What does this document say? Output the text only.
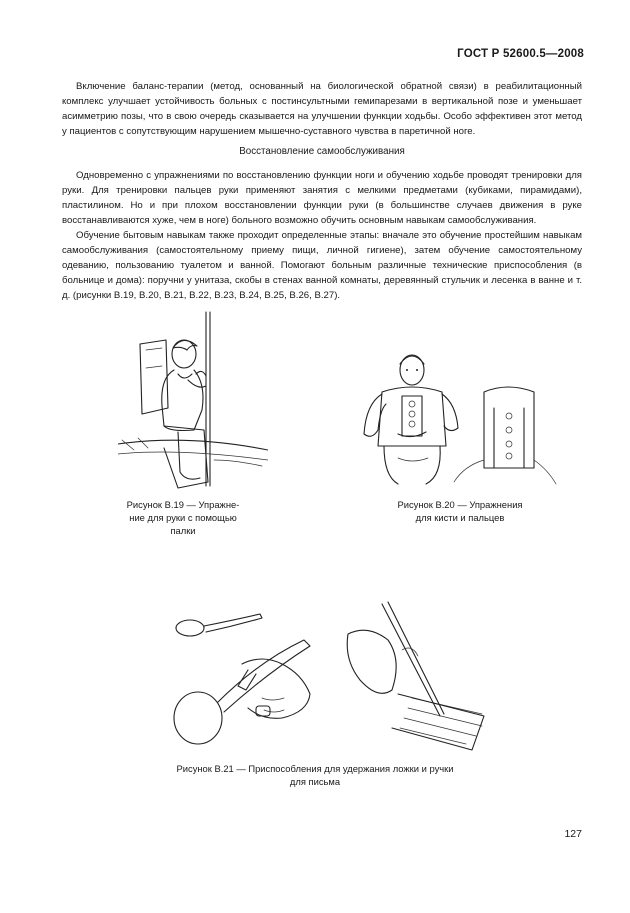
ГОСТ Р 52600.5—2008

Включение баланс-терапии (метод, основанный на биологической обратной связи) в реабилитационный комплекс улучшает устойчивость больных с постинсультными гемипарезами в вертикальной позе и уменьшает асимметрию позы, что в свою очередь сказывается на улучшении функции ходьбы. Особо эффективен этот метод у пациентов с сопутствующим нарушением мышечно-суставного чувства в паретичной ноге.

Восстановление самообслуживания

Одновременно с упражнениями по восстановлению функции ноги и обучению ходьбе проводят тренировки для руки. Для тренировки пальцев руки применяют занятия с мелкими предметами (кубиками, пирамидами), пластилином. Но и при плохом восстановлении функции руки (в большинстве случаев движения в руке восстанавливаются хуже, чем в ноге) больного возможно обучить основным навыкам самообслуживания.

Обучение бытовым навыкам также проходит определенные этапы: вначале это обучение простейшим навыкам самообслуживания (самостоятельному приему пищи, личной гигиене), затем обучение самостоятельному одеванию, пользованию туалетом и ванной. Помогают больным различные технические приспособления (в больнице и дома): поручни у унитаза, скобы в стенах ванной комнаты, деревянный стульчик и лесенка в ванне и т. д. (рисунки В.19, В.20, В.21, В.22, В.23, В.24, В.25, В.26, В.27).

Рисунок В.19 — Упражне-
ние для руки с помощью
палки
Рисунок В.20 — Упражнения
для кисти и пальцев
Рисунок В.21 — Приспособления для удержания ложки и ручки
для письма
127
